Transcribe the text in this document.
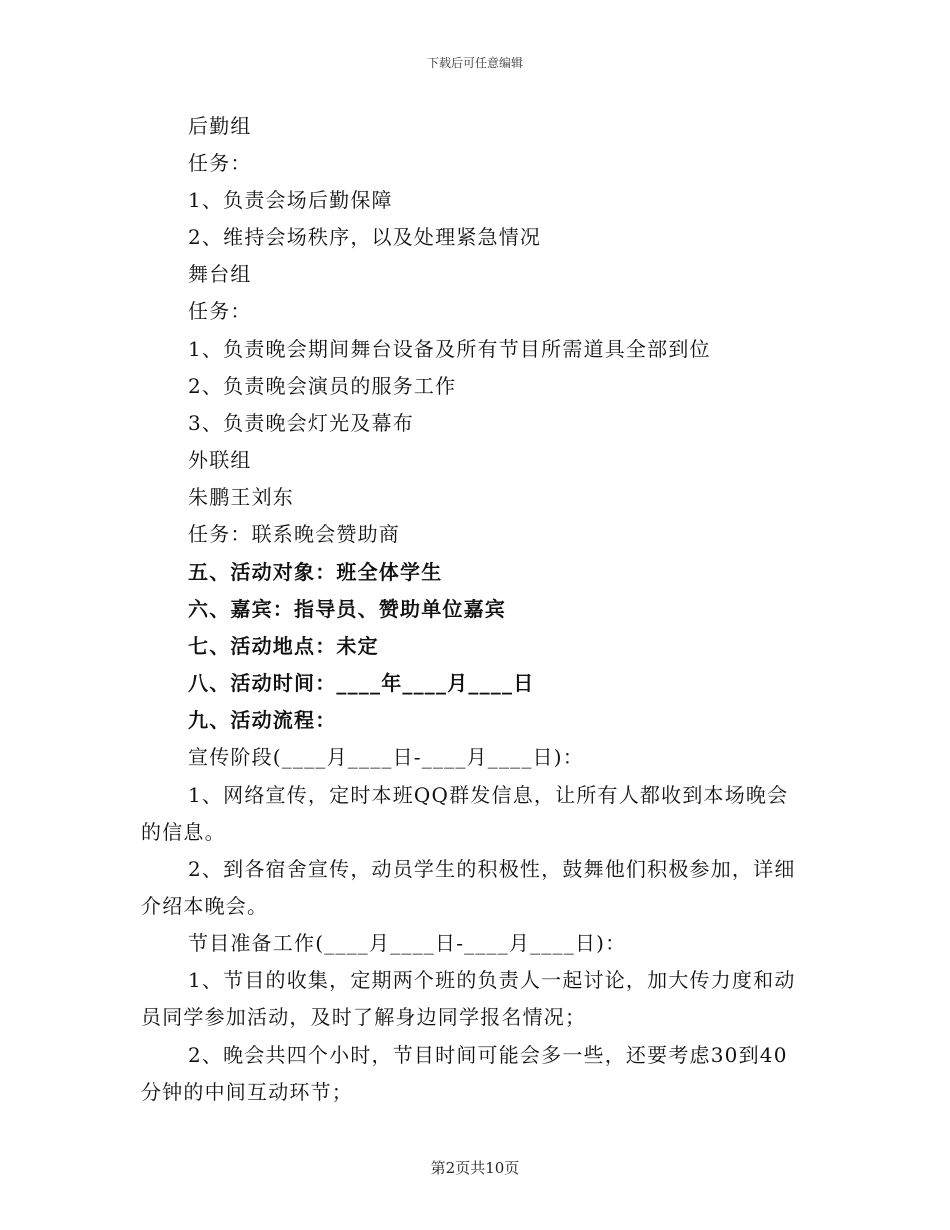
下载后可任意编辑
后勤组
任务：
1、负责会场后勤保障
2、维持会场秩序，以及处理紧急情况
舞台组
任务：
1、负责晚会期间舞台设备及所有节目所需道具全部到位
2、负责晚会演员的服务工作
3、负责晚会灯光及幕布
外联组
朱鹏王刘东
任务：联系晚会赞助商
五、活动对象：班全体学生
六、嘉宾：指导员、赞助单位嘉宾
七、活动地点：未定
八、活动时间：____年____月____日
九、活动流程：
宣传阶段(____月____日-____月____日)：
1、网络宣传，定时本班QQ群发信息，让所有人都收到本场晚会
的信息。
2、到各宿舍宣传，动员学生的积极性，鼓舞他们积极参加，详细
介绍本晚会。
节目准备工作(____月____日-____月____日)：
1、节目的收集，定期两个班的负责人一起讨论，加大传力度和动
员同学参加活动，及时了解身边同学报名情况；
2、晚会共四个小时，节目时间可能会多一些，还要考虑30到40
分钟的中间互动环节；
第2页共10页
